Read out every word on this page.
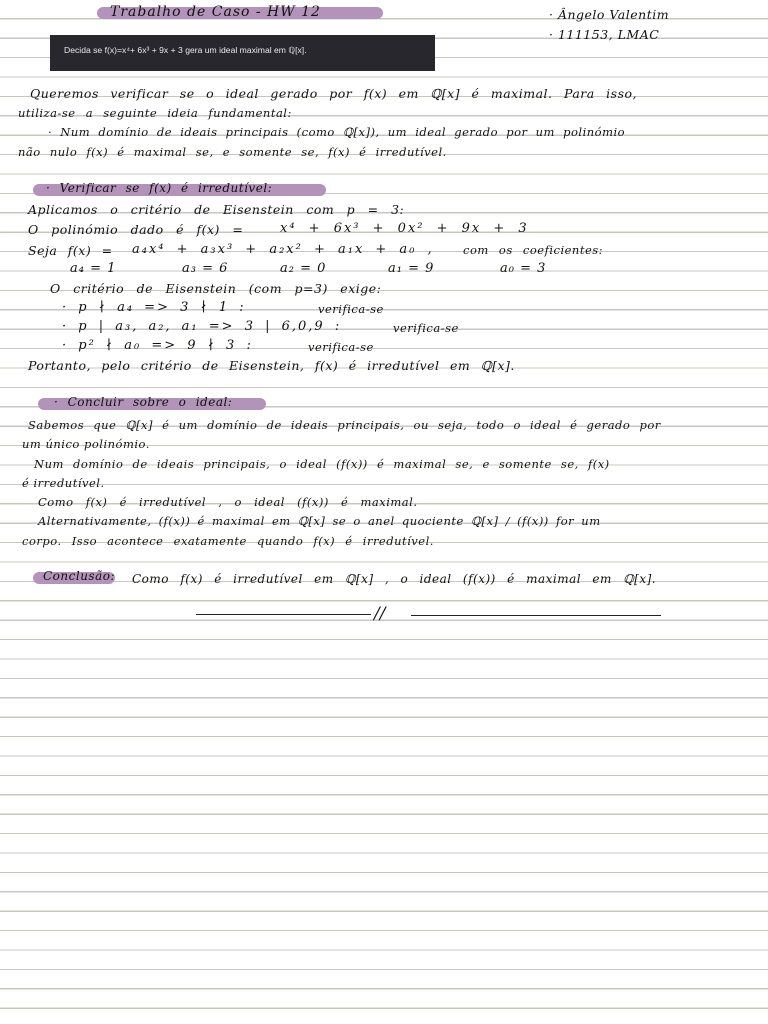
Trabalho de Caso - HW 12	· Ângelo Valentim
· 111153, LMAC
Decida se f(x)=x⁴+ 6x³ + 9x + 3 gera um ideal maximal em ℚ[x].
Queremos verificar se o ideal gerado por f(x) em ℚ[x] é maximal. Para isso,
utiliza-se a seguinte ideia fundamental:
· Num domínio de ideais principais (como ℚ[x]), um ideal gerado por um polinómio
não nulo f(x) é maximal se, e somente se, f(x) é irredutível.
· Verificar se f(x) é irredutível:
Aplicamos o critério de Eisenstein com p = 3:
O polinómio dado é f(x) =	x⁴ + 6x³ + 0x² + 9x + 3
Seja f(x) = a₄x⁴ + a₃x³ + a₂x² + a₁x + a₀ ,	com os coeficientes:
a₄ = 1	a₃ = 6	a₂ = 0	a₁ = 9	a₀ = 3
O critério de Eisenstein (com p=3) exige:
· p ∤ a₄ => 3 ∤ 1 :	verifica-se
· p | a₃, a₂, a₁ => 3 | 6,0,9 :	verifica-se
· p² ∤ a₀ => 9 ∤ 3 :	verifica-se
Portanto, pelo critério de Eisenstein, f(x) é irredutível em ℚ[x].
· Concluir sobre o ideal:
Sabemos que ℚ[x] é um domínio de ideais principais, ou seja, todo o ideal é gerado por
um único polinómio.
Num domínio de ideais principais, o ideal (f(x)) é maximal se, e somente se, f(x)
é irredutível.
Como f(x) é irredutível , o ideal (f(x)) é maximal.
Alternativamente, (f(x)) é maximal em ℚ[x] se o anel quociente ℚ[x] / (f(x)) for um
corpo. Isso acontece exatamente quando f(x) é irredutível.
Conclusão: Como f(x) é irredutível em ℚ[x] , o ideal (f(x)) é maximal em ℚ[x].
//
